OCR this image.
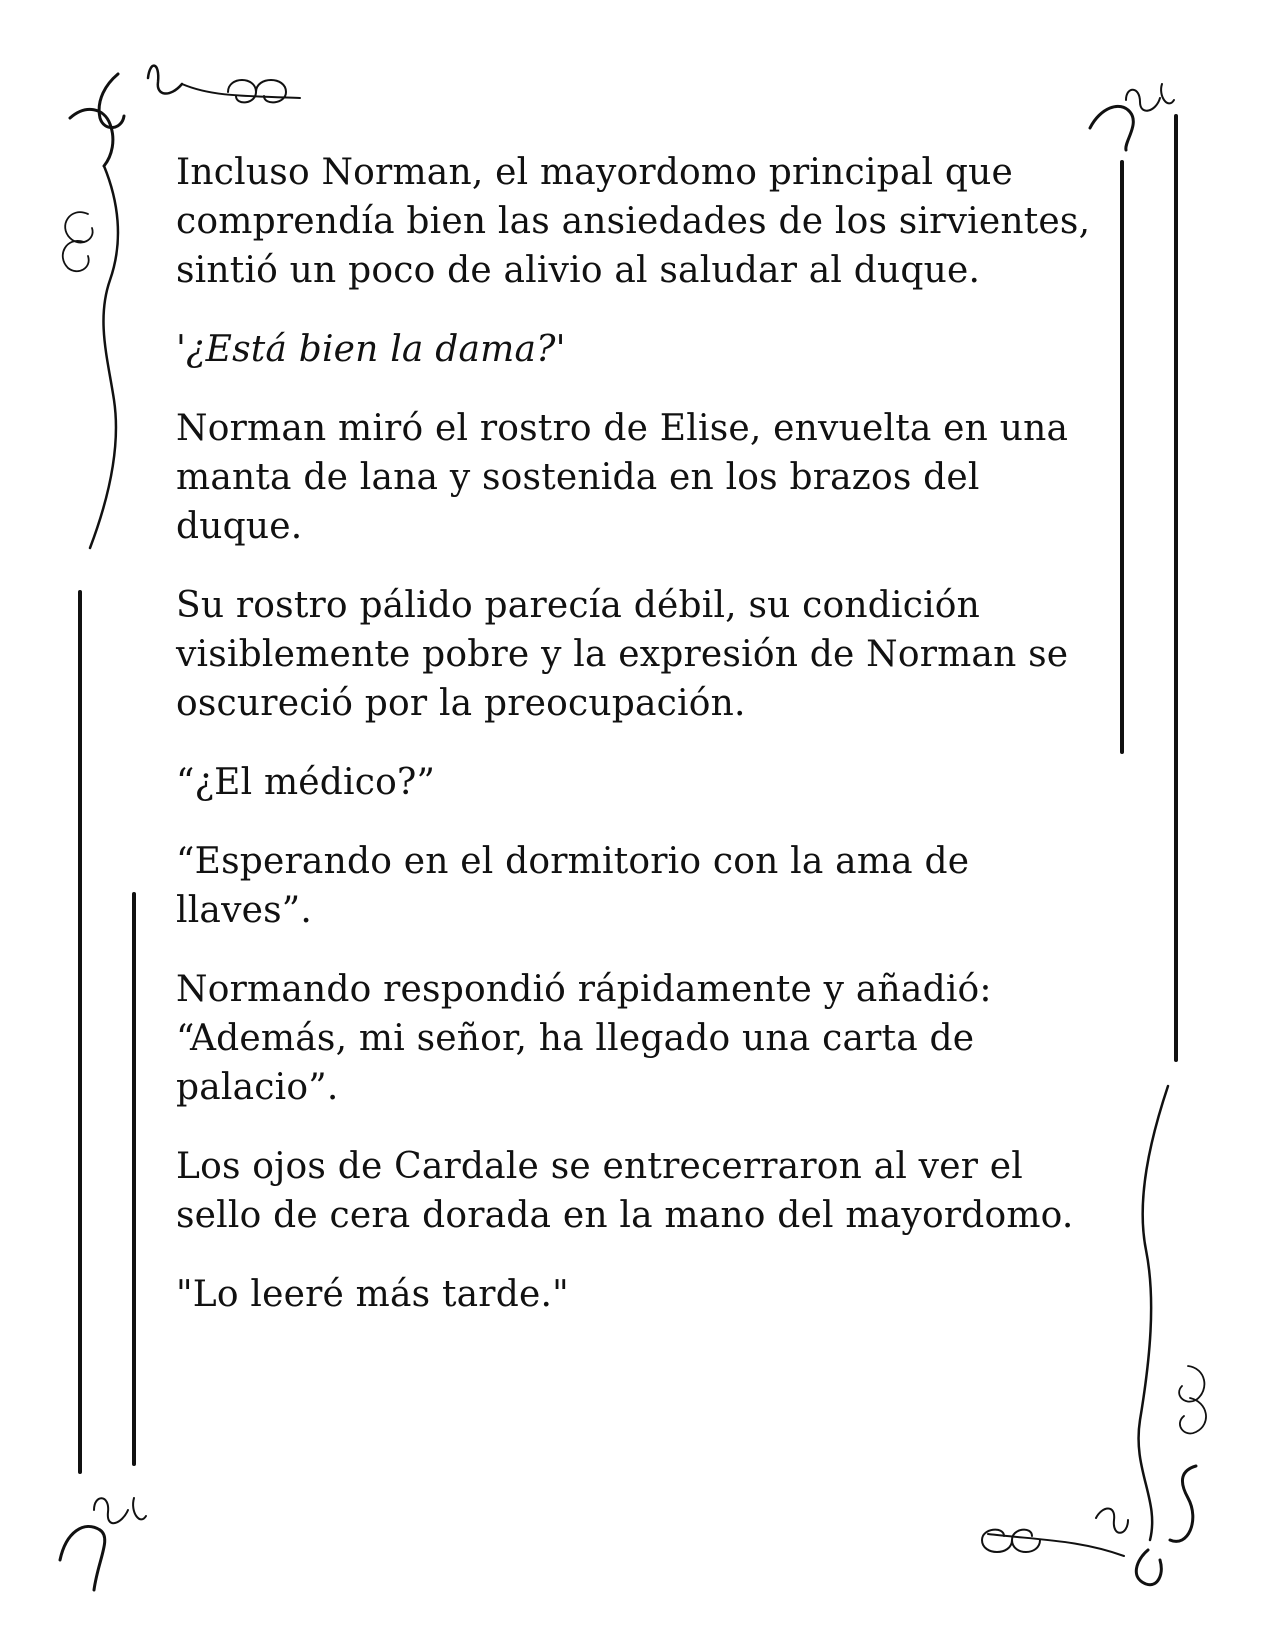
Incluso Norman, el mayordomo principal que comprendía bien las ansiedades de los sirvientes, sintió un poco de alivio al saludar al duque.

'¿Está bien la dama?'

Norman miró el rostro de Elise, envuelta en una manta de lana y sostenida en los brazos del duque.

Su rostro pálido parecía débil, su condición visiblemente pobre y la expresión de Norman se oscureció por la preocupación.

“¿El médico?”

“Esperando en el dormitorio con la ama de llaves”.

Normando respondió rápidamente y añadió: “Además, mi señor, ha llegado una carta de palacio”.

Los ojos de Cardale se entrecerraron al ver el sello de cera dorada en la mano del mayordomo.

"Lo leeré más tarde."
